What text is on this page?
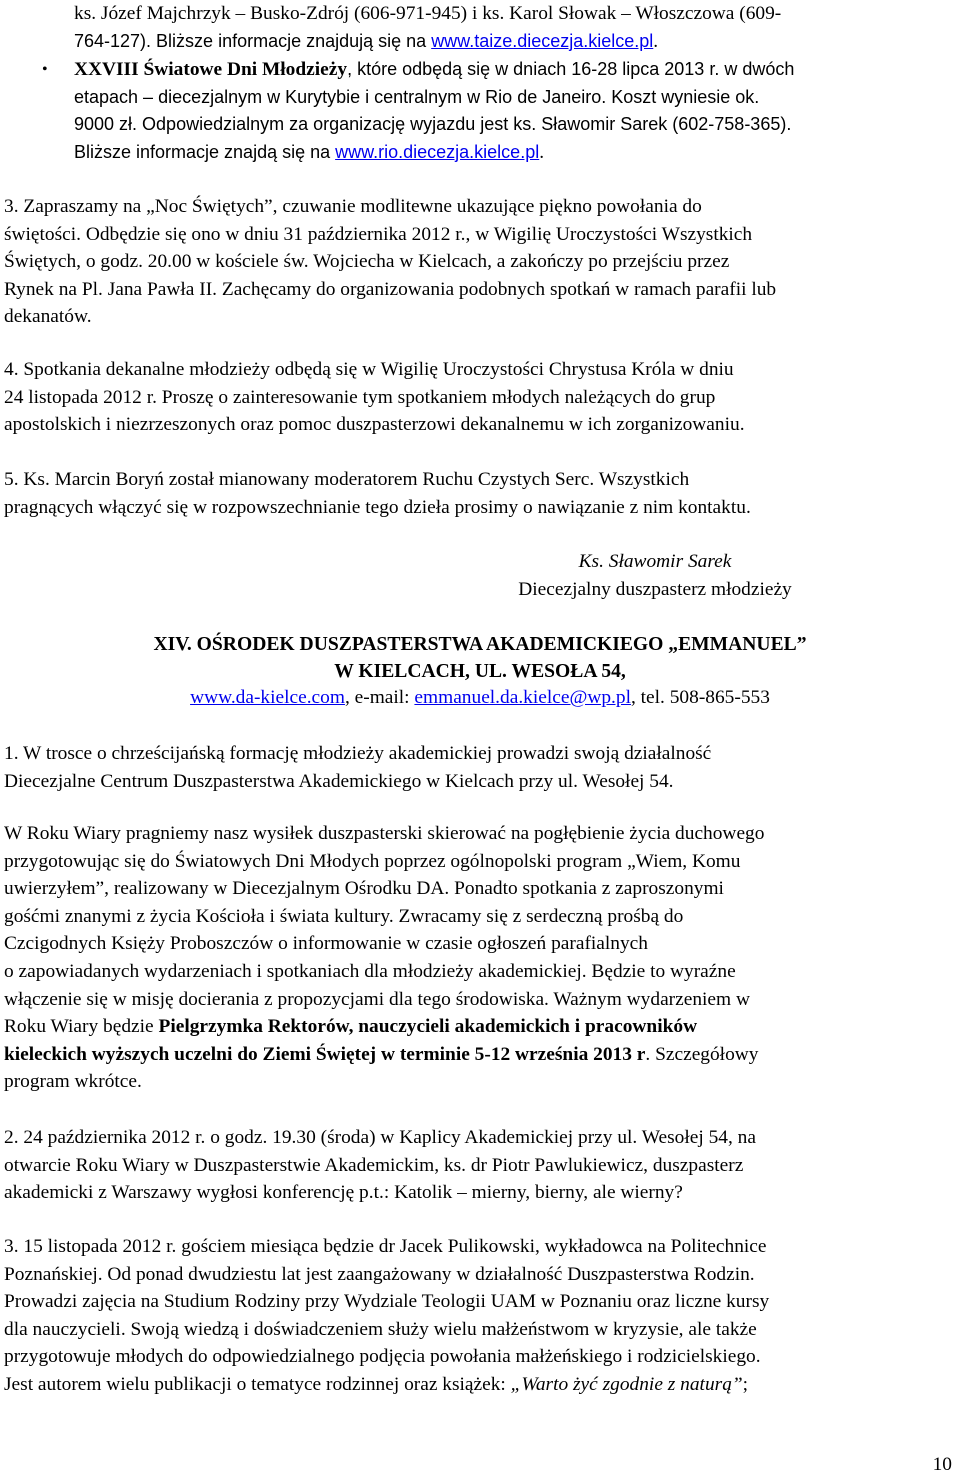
ks. Józef Majchrzyk – Busko-Zdrój (606-971-945) i ks. Karol Słowak – Włoszczowa (609-
764-127). Bliższe informacje znajdują się na www.taize.diecezja.kielce.pl.
• XXVIII Światowe Dni Młodzieży, które odbędą się w dniach 16-28 lipca 2013 r. w dwóch
etapach – diecezjalnym w Kurytybie i centralnym w Rio de Janeiro. Koszt wyniesie ok.
9000 zł. Odpowiedzialnym za organizację wyjazdu jest ks. Sławomir Sarek (602-758-365).
Bliższe informacje znajdą się na www.rio.diecezja.kielce.pl.
3. Zapraszamy na „Noc Świętych”, czuwanie modlitewne ukazujące piękno powołania do
świętości. Odbędzie się ono w dniu 31 października 2012 r., w Wigilię Uroczystości Wszystkich
Świętych, o godz. 20.00 w kościele św. Wojciecha w Kielcach, a zakończy po przejściu przez
Rynek na Pl. Jana Pawła II. Zachęcamy do organizowania podobnych spotkań w ramach parafii lub
dekanatów.
4. Spotkania dekanalne młodzieży odbędą się w Wigilię Uroczystości Chrystusa Króla w dniu
24 listopada 2012 r. Proszę o zainteresowanie tym spotkaniem młodych należących do grup
apostolskich i niezrzeszonych oraz pomoc duszpasterzowi dekanalnemu w ich zorganizowaniu.
5. Ks. Marcin Boryń został mianowany moderatorem Ruchu Czystych Serc. Wszystkich
pragnących włączyć się w rozpowszechnianie tego dzieła prosimy o nawiązanie z nim kontaktu.
Ks. Sławomir Sarek
Diecezjalny duszpasterz młodzieży
XIV. OŚRODEK DUSZPASTERSTWA AKADEMICKIEGO „EMMANUEL”
W KIELCACH, UL. WESOŁA 54,
www.da-kielce.com, e-mail: emmanuel.da.kielce@wp.pl, tel. 508-865-553
1. W trosce o chrześcijańską formację młodzieży akademickiej prowadzi swoją działalność
Diecezjalne Centrum Duszpasterstwa Akademickiego w Kielcach przy ul. Wesołej 54.
W Roku Wiary pragniemy nasz wysiłek duszpasterski skierować na pogłębienie życia duchowego
przygotowując się do Światowych Dni Młodych poprzez ogólnopolski program „Wiem, Komu
uwierzyłem”, realizowany w Diecezjalnym Ośrodku DA. Ponadto spotkania z zaproszonymi
gośćmi znanymi z życia Kościoła i świata kultury. Zwracamy się z serdeczną prośbą do
Czcigodnych Księży Proboszczów o informowanie w czasie ogłoszeń parafialnych
o zapowiadanych wydarzeniach i spotkaniach dla młodzieży akademickiej. Będzie to wyraźne
włączenie się w misję docierania z propozycjami dla tego środowiska. Ważnym wydarzeniem w
Roku Wiary będzie Pielgrzymka Rektorów, nauczycieli akademickich i pracowników
kieleckich wyższych uczelni do Ziemi Świętej w terminie 5-12 września 2013 r. Szczegółowy
program wkrótce.
2. 24 października 2012 r. o godz. 19.30 (środa) w Kaplicy Akademickiej przy ul. Wesołej 54, na
otwarcie Roku Wiary w Duszpasterstwie Akademickim, ks. dr Piotr Pawlukiewicz, duszpasterz
akademicki z Warszawy wygłosi konferencję p.t.: Katolik – mierny, bierny, ale wierny?
3. 15 listopada 2012 r. gościem miesiąca będzie dr Jacek Pulikowski, wykładowca na Politechnice
Poznańskiej. Od ponad dwudziestu lat jest zaangażowany w działalność Duszpasterstwa Rodzin.
Prowadzi zajęcia na Studium Rodziny przy Wydziale Teologii UAM w Poznaniu oraz liczne kursy
dla nauczycieli. Swoją wiedzą i doświadczeniem służy wielu małżeństwom w kryzysie, ale także
przygotowuje młodych do odpowiedzialnego podjęcia powołania małżeńskiego i rodzicielskiego.
Jest autorem wielu publikacji o tematyce rodzinnej oraz książek: „Warto żyć zgodnie z naturą”;
10
